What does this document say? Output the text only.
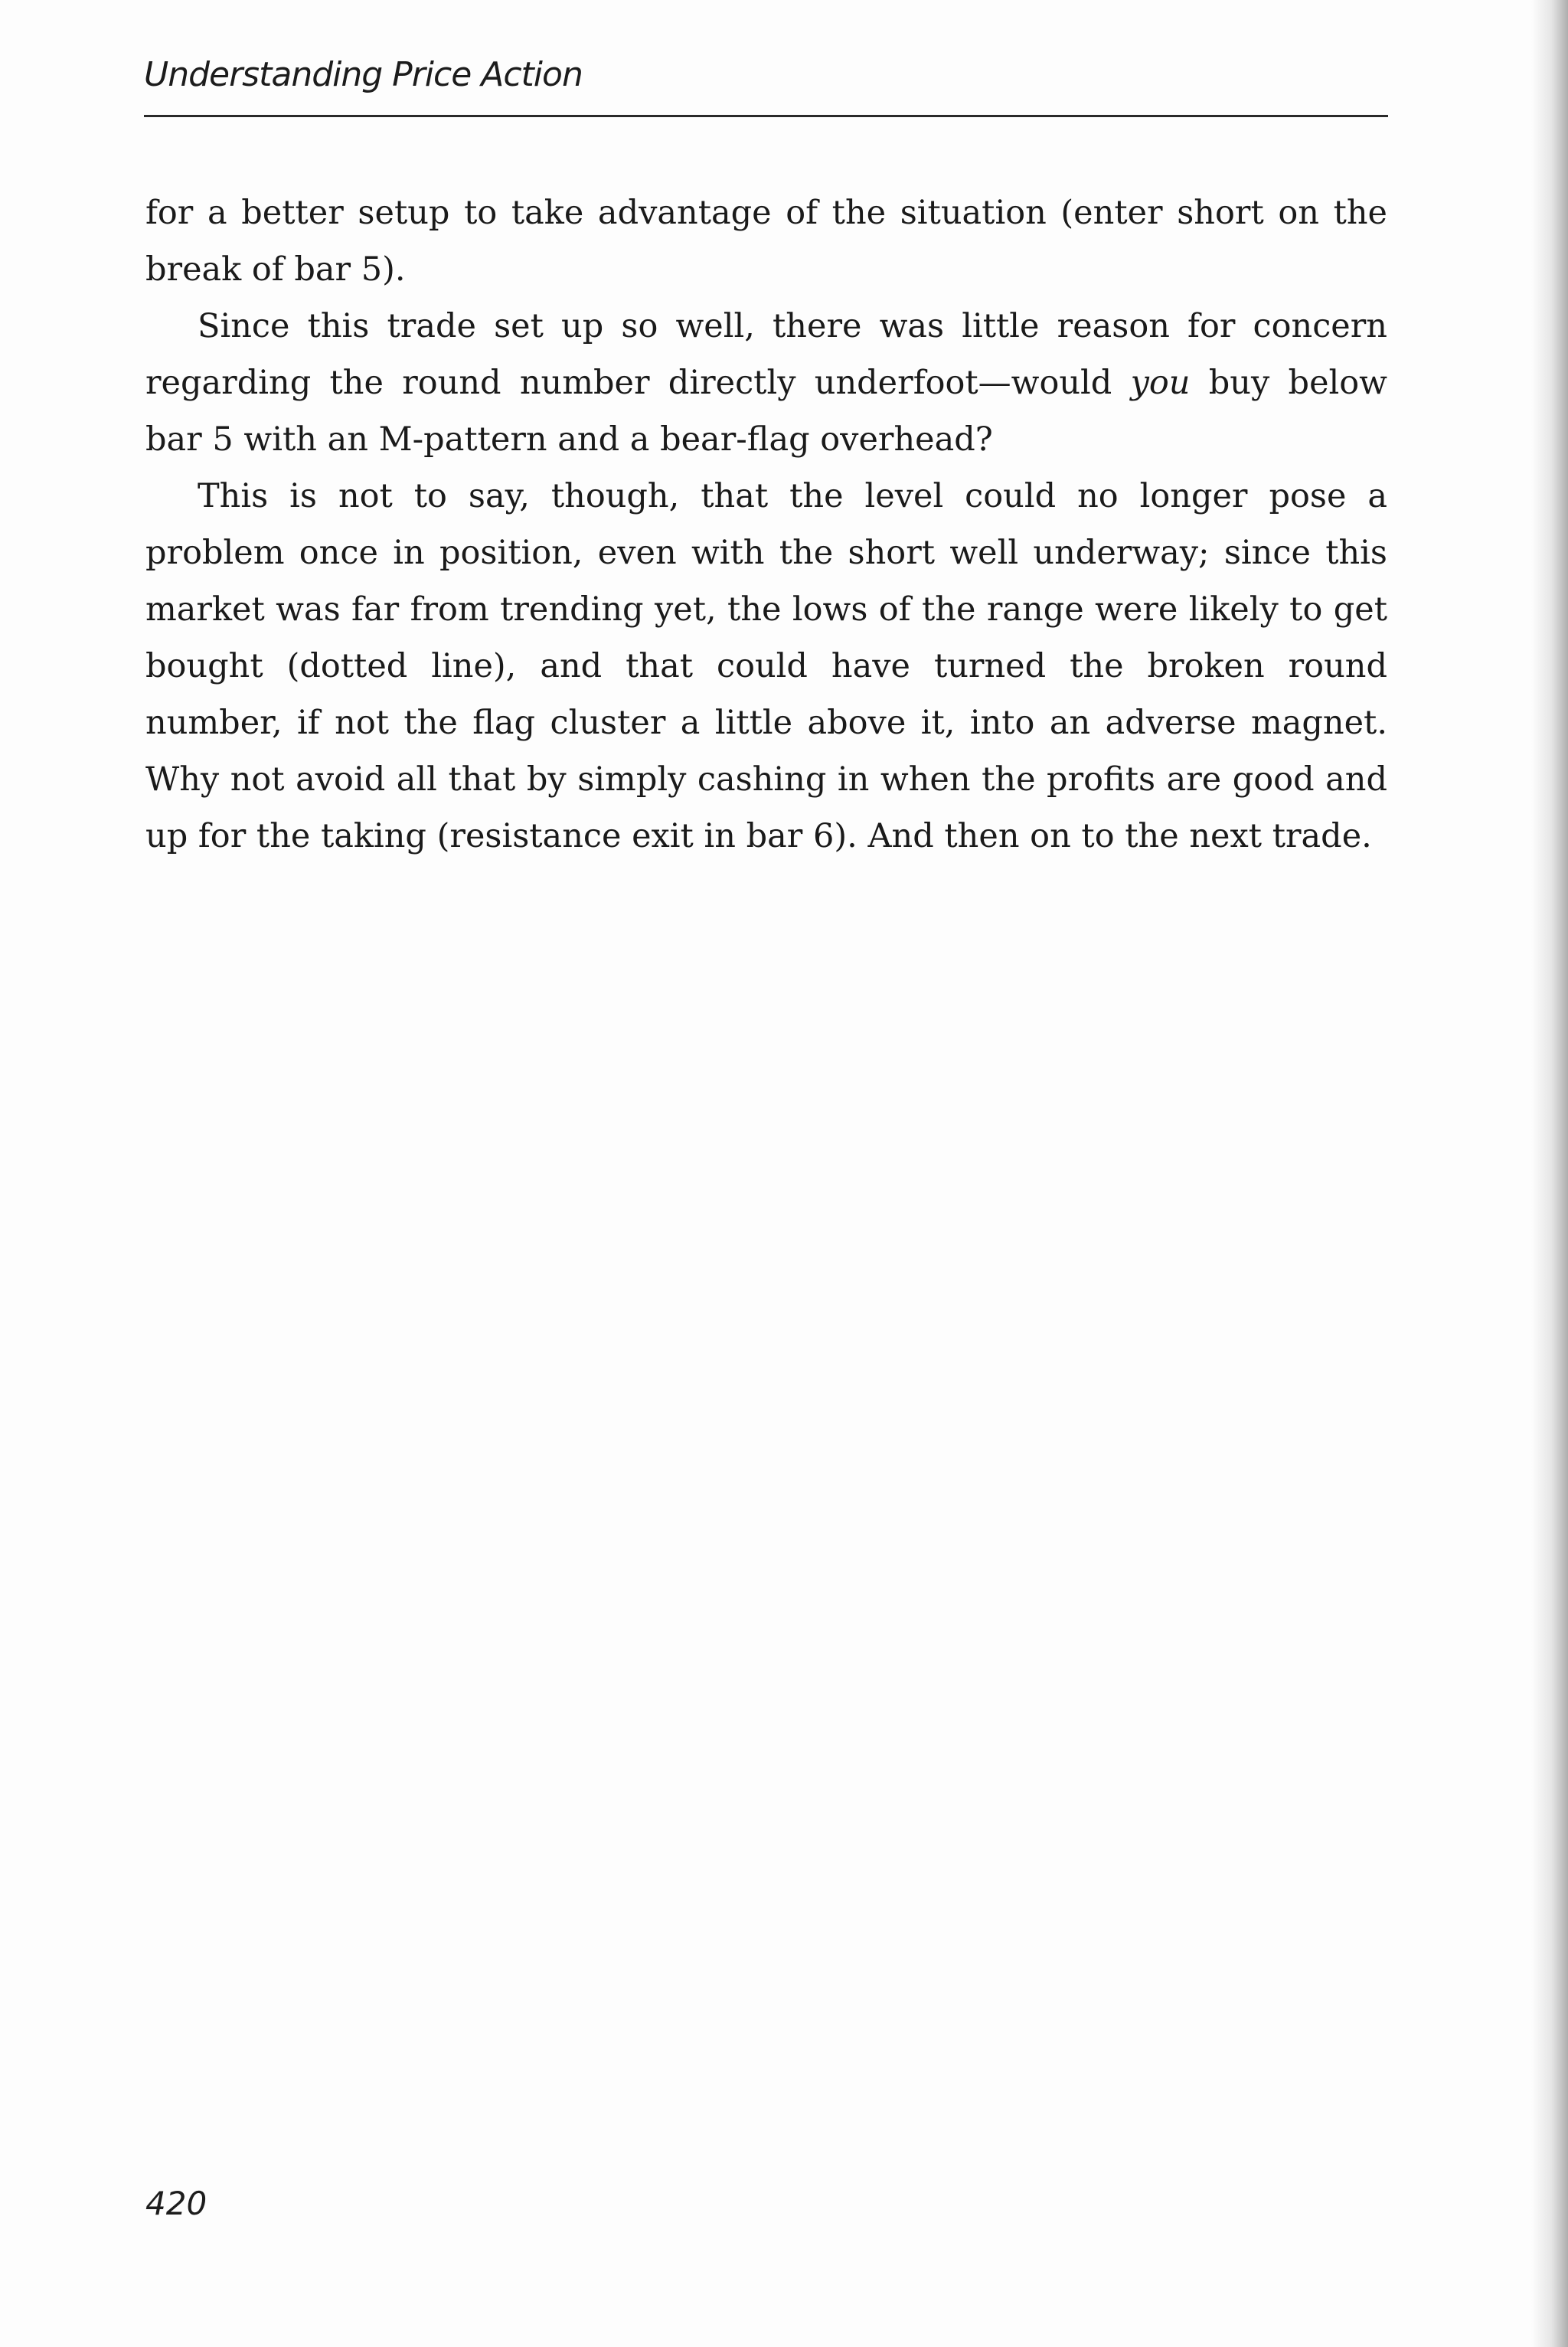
Understanding Price Action

for a better setup to take advantage of the situation (enter short on the break of bar 5).

Since this trade set up so well, there was little reason for concern regarding the round number directly underfoot—would you buy below bar 5 with an M-pattern and a bear-flag overhead?

This is not to say, though, that the level could no longer pose a problem once in position, even with the short well underway; since this market was far from trending yet, the lows of the range were likely to get bought (dotted line), and that could have turned the broken round number, if not the flag cluster a little above it, into an adverse magnet. Why not avoid all that by simply cashing in when the profits are good and up for the taking (resistance exit in bar 6). And then on to the next trade.

420
